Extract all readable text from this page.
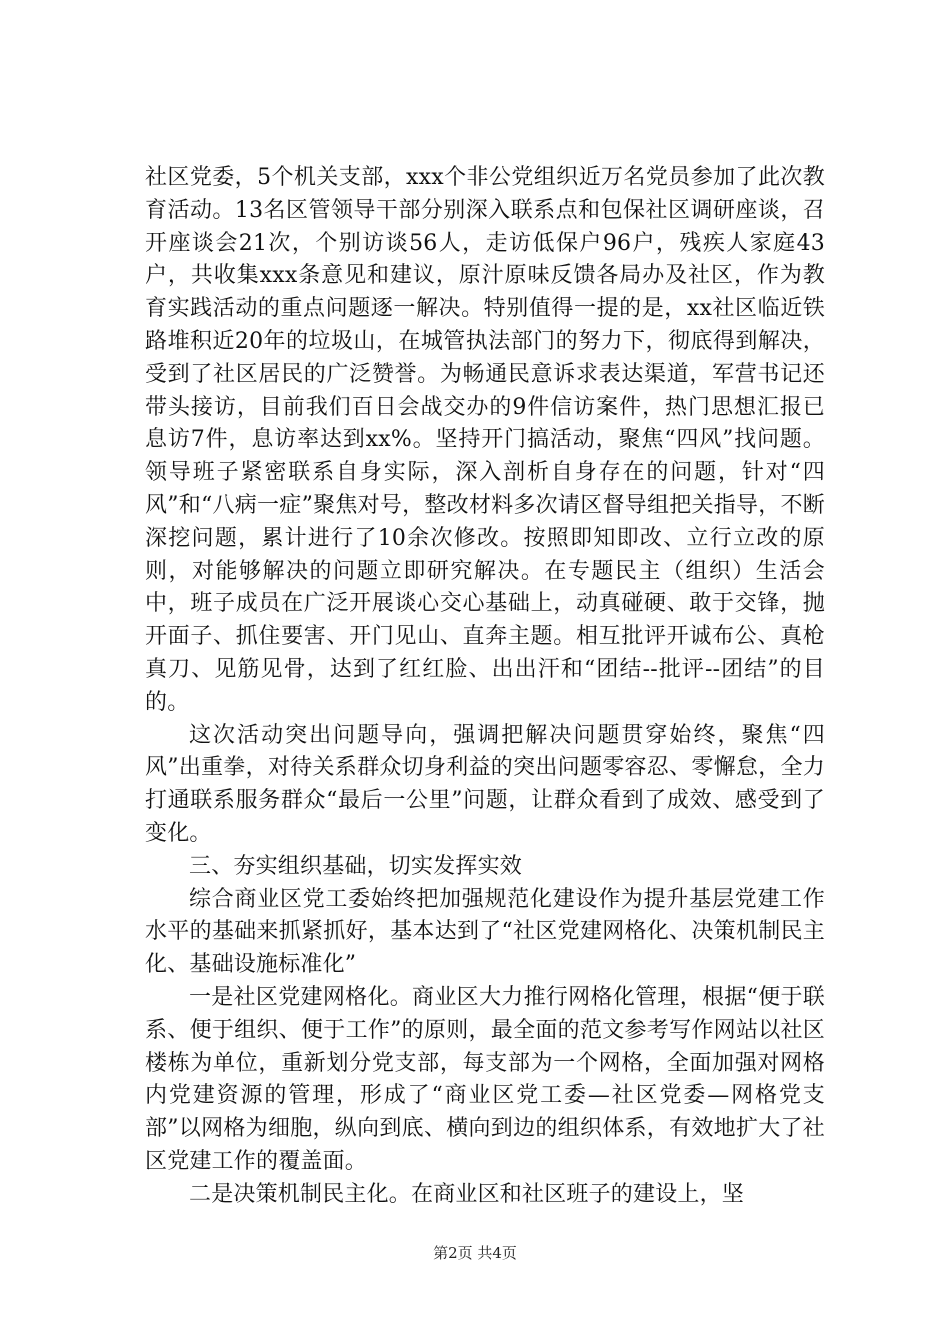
社区党委，5个机关支部，xxx个非公党组织近万名党员参加了此次教育活动。13名区管领导干部分别深入联系点和包保社区调研座谈，召开座谈会21次，个别访谈56人，走访低保户96户，残疾人家庭43户，共收集xxx条意见和建议，原汁原味反馈各局办及社区，作为教育实践活动的重点问题逐一解决。特别值得一提的是，xx社区临近铁路堆积近20年的垃圾山，在城管执法部门的努力下，彻底得到解决，受到了社区居民的广泛赞誉。为畅通民意诉求表达渠道，军营书记还带头接访，目前我们百日会战交办的9件信访案件，热门思想汇报已息访7件，息访率达到xx%。坚持开门搞活动，聚焦“四风”找问题。领导班子紧密联系自身实际，深入剖析自身存在的问题，针对“四风”和“八病一症”聚焦对号，整改材料多次请区督导组把关指导，不断深挖问题，累计进行了10余次修改。按照即知即改、立行立改的原则，对能够解决的问题立即研究解决。在专题民主（组织）生活会中，班子成员在广泛开展谈心交心基础上，动真碰硬、敢于交锋，抛开面子、抓住要害、开门见山、直奔主题。相互批评开诚布公、真枪真刀、见筋见骨，达到了红红脸、出出汗和“团结--批评--团结”的目的。

这次活动突出问题导向，强调把解决问题贯穿始终，聚焦“四风”出重拳，对待关系群众切身利益的突出问题零容忍、零懈怠，全力打通联系服务群众“最后一公里”问题，让群众看到了成效、感受到了变化。

三、夯实组织基础，切实发挥实效

综合商业区党工委始终把加强规范化建设作为提升基层党建工作水平的基础来抓紧抓好，基本达到了“社区党建网格化、决策机制民主化、基础设施标准化”

一是社区党建网格化。商业区大力推行网格化管理，根据“便于联系、便于组织、便于工作”的原则，最全面的范文参考写作网站以社区楼栋为单位，重新划分党支部，每支部为一个网格，全面加强对网格内党建资源的管理，形成了“商业区党工委—社区党委—网格党支部”以网格为细胞，纵向到底、横向到边的组织体系，有效地扩大了社区党建工作的覆盖面。

二是决策机制民主化。在商业区和社区班子的建设上，坚

第2页 共4页
